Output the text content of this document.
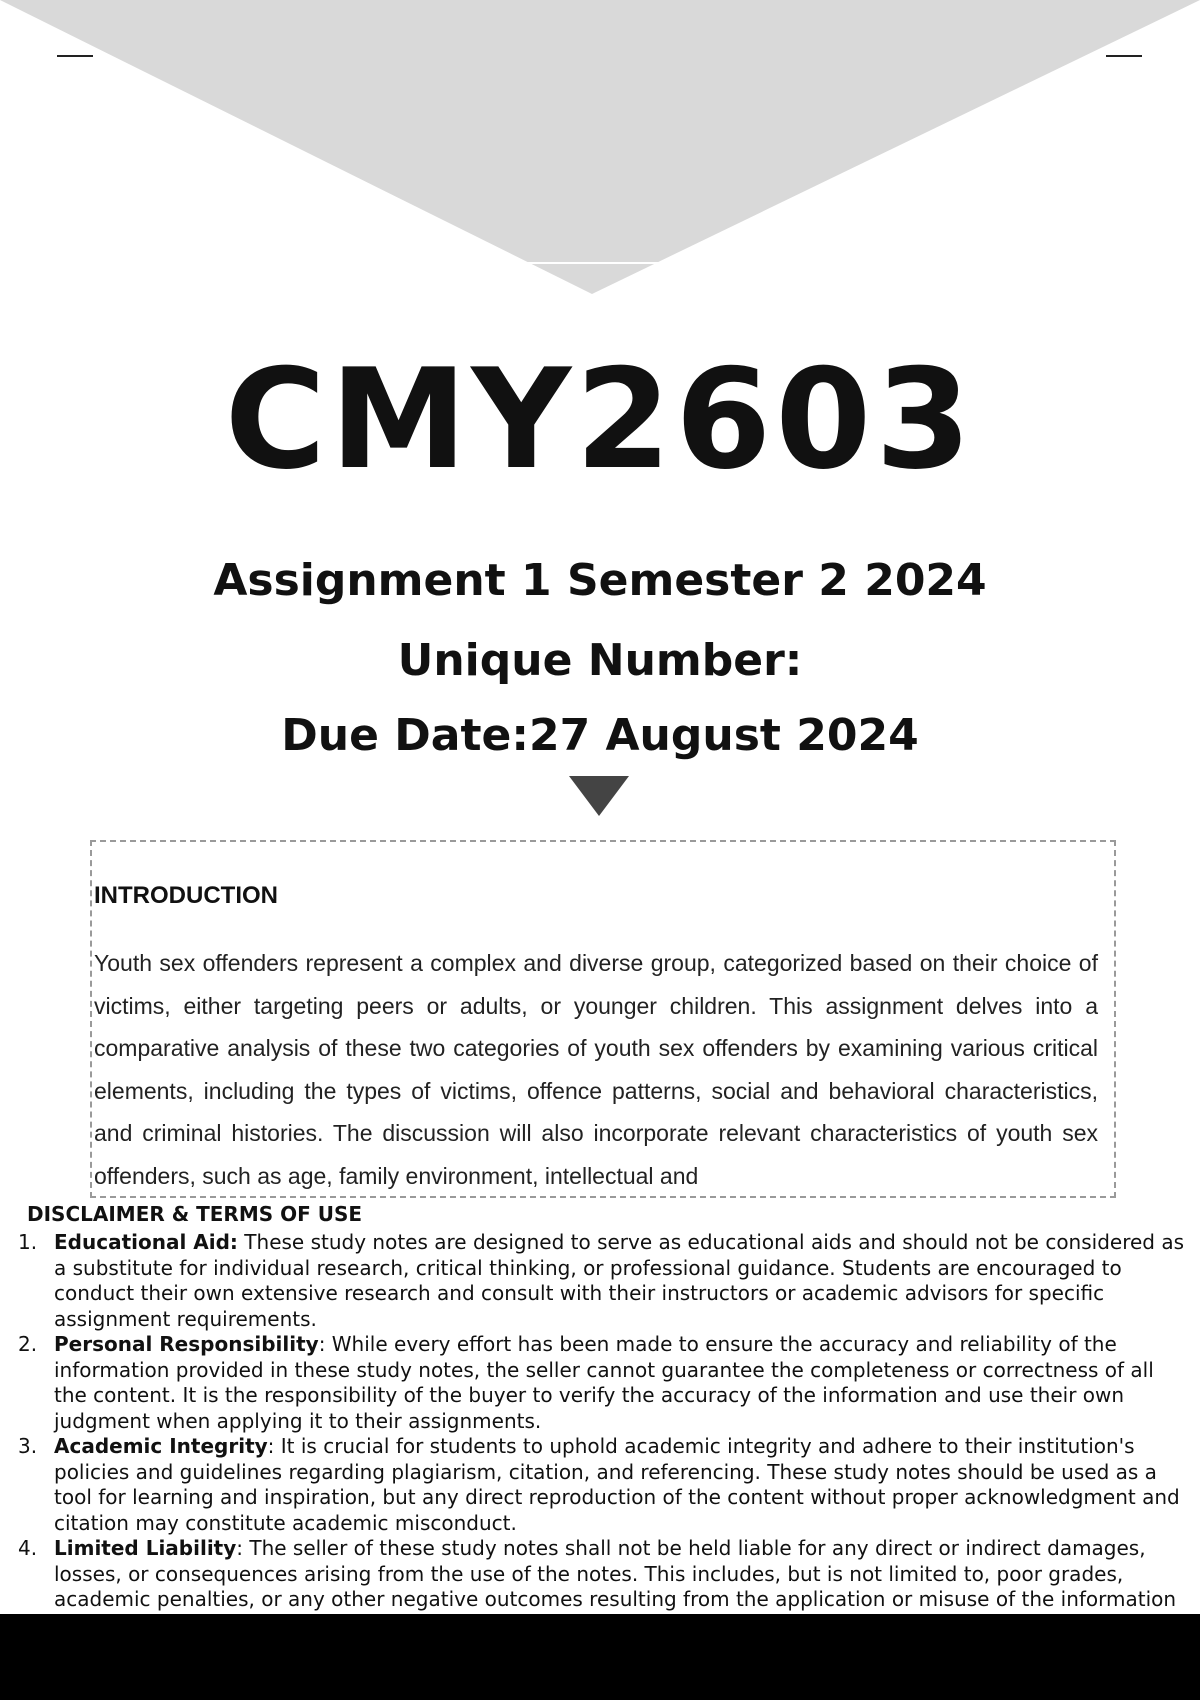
CMY2603
Assignment 1 Semester 2 2024
Unique Number:
Due Date:27 August 2024
INTRODUCTION

Youth sex offenders represent a complex and diverse group, categorized based on their choice of victims, either targeting peers or adults, or younger children. This assignment delves into a comparative analysis of these two categories of youth sex offenders by examining various critical elements, including the types of victims, offence patterns, social and behavioral characteristics, and criminal histories. The discussion will also incorporate relevant characteristics of youth sex offenders, such as age, family environment, intellectual and

DISCLAIMER & TERMS OF USE
1. Educational Aid: These study notes are designed to serve as educational aids and should not be considered as a substitute for individual research, critical thinking, or professional guidance. Students are encouraged to conduct their own extensive research and consult with their instructors or academic advisors for specific assignment requirements.
2. Personal Responsibility: While every effort has been made to ensure the accuracy and reliability of the information provided in these study notes, the seller cannot guarantee the completeness or correctness of all the content. It is the responsibility of the buyer to verify the accuracy of the information and use their own judgment when applying it to their assignments.
3. Academic Integrity: It is crucial for students to uphold academic integrity and adhere to their institution's policies and guidelines regarding plagiarism, citation, and referencing. These study notes should be used as a tool for learning and inspiration, but any direct reproduction of the content without proper acknowledgment and citation may constitute academic misconduct.
4. Limited Liability: The seller of these study notes shall not be held liable for any direct or indirect damages, losses, or consequences arising from the use of the notes. This includes, but is not limited to, poor grades, academic penalties, or any other negative outcomes resulting from the application or misuse of the information
